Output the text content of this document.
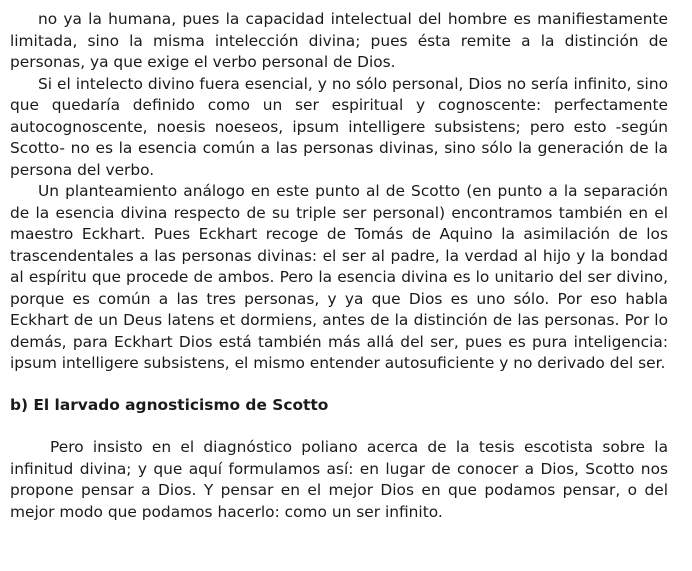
no ya la humana, pues la capacidad intelectual del hombre es manifiestamente limitada, sino la misma intelección divina; pues ésta remite a la distinción de personas, ya que exige el verbo personal de Dios.

Si el intelecto divino fuera esencial, y no sólo personal, Dios no sería infinito, sino que quedaría definido como un ser espiritual y cognoscente: perfectamente autocognoscente, noesis noeseos, ipsum intelligere subsistens; pero esto -según Scotto- no es la esencia común a las personas divinas, sino sólo la generación de la persona del verbo.

Un planteamiento análogo en este punto al de Scotto (en punto a la separación de la esencia divina respecto de su triple ser personal) encontramos también en el maestro Eckhart. Pues Eckhart recoge de Tomás de Aquino la asimilación de los trascendentales a las personas divinas: el ser al padre, la verdad al hijo y la bondad al espíritu que procede de ambos. Pero la esencia divina es lo unitario del ser divino, porque es común a las tres personas, y ya que Dios es uno sólo. Por eso habla Eckhart de un Deus latens et dormiens, antes de la distinción de las personas. Por lo demás, para Eckhart Dios está también más allá del ser, pues es pura inteligencia: ipsum intelligere subsistens, el mismo entender autosuficiente y no derivado del ser.

b) El larvado agnosticismo de Scotto

Pero insisto en el diagnóstico poliano acerca de la tesis escotista sobre la infinitud divina; y que aquí formulamos así: en lugar de conocer a Dios, Scotto nos propone pensar a Dios. Y pensar en el mejor Dios en que podamos pensar, o del mejor modo que podamos hacerlo: como un ser infinito.
